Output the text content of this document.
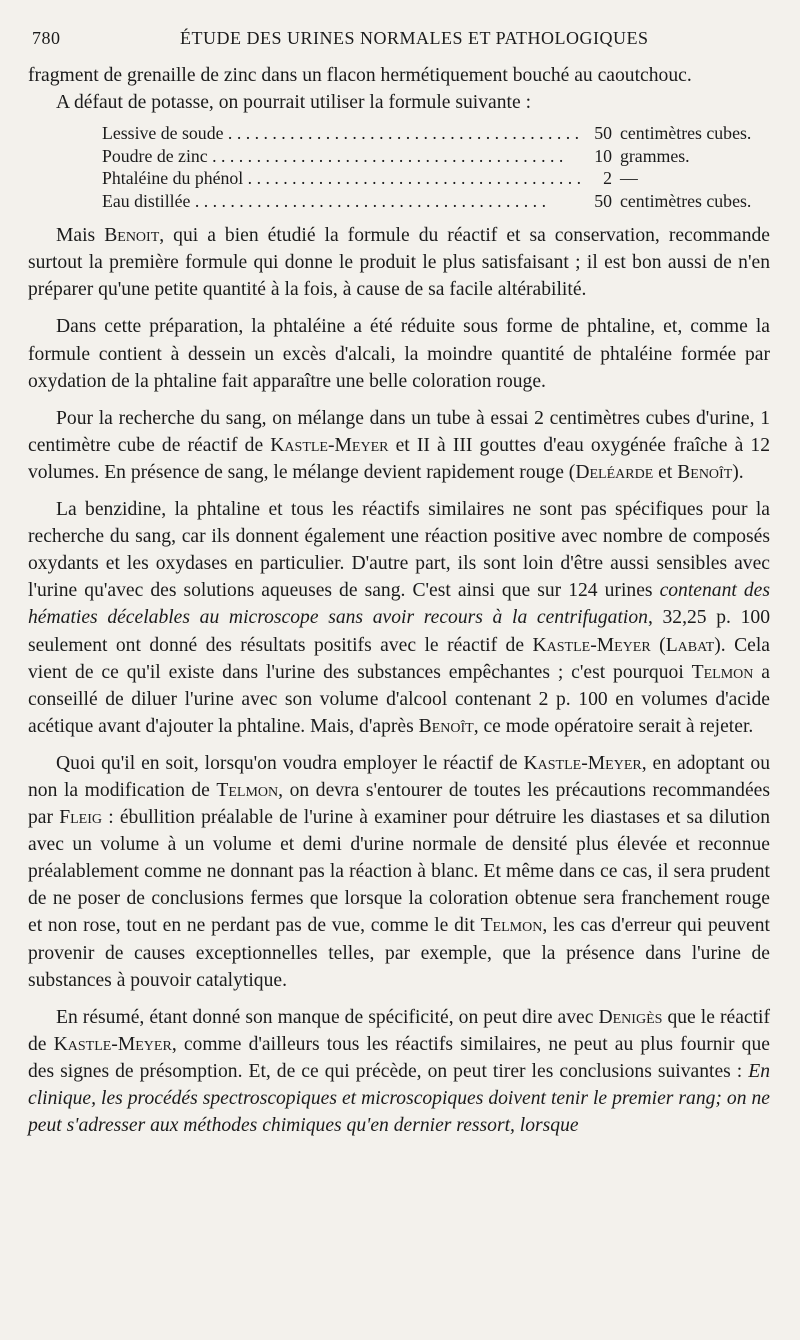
780	ÉTUDE DES URINES NORMALES ET PATHOLOGIQUES

fragment de grenaille de zinc dans un flacon hermétiquement bouché au caoutchouc.

A défaut de potasse, on pourrait utiliser la formule suivante :

Lessive de soude . . .	50 centimètres cubes.
Poudre de zinc . . .	10 grammes.
Phtaléine du phénol . . .	2 —
Eau distillée . . .	50 centimètres cubes.

Mais Benoit, qui a bien étudié la formule du réactif et sa conservation, recommande surtout la première formule qui donne le produit le plus satisfaisant ; il est bon aussi de n'en préparer qu'une petite quantité à la fois, à cause de sa facile altérabilité.

Dans cette préparation, la phtaléine a été réduite sous forme de phtaline, et, comme la formule contient à dessein un excès d'alcali, la moindre quantité de phtaléine formée par oxydation de la phtaline fait apparaître une belle coloration rouge.

Pour la recherche du sang, on mélange dans un tube à essai 2 centimètres cubes d'urine, 1 centimètre cube de réactif de Kastle-Meyer et II à III gouttes d'eau oxygénée fraîche à 12 volumes. En présence de sang, le mélange devient rapidement rouge (Deléarde et Benoît).

La benzidine, la phtaline et tous les réactifs similaires ne sont pas spécifiques pour la recherche du sang, car ils donnent également une réaction positive avec nombre de composés oxydants et les oxydases en particulier. D'autre part, ils sont loin d'être aussi sensibles avec l'urine qu'avec des solutions aqueuses de sang. C'est ainsi que sur 124 urines contenant des hématies décelables au microscope sans avoir recours à la centrifugation, 32,25 p. 100 seulement ont donné des résultats positifs avec le réactif de Kastle-Meyer (Labat). Cela vient de ce qu'il existe dans l'urine des substances empêchantes ; c'est pourquoi Telmon a conseillé de diluer l'urine avec son volume d'alcool contenant 2 p. 100 en volumes d'acide acétique avant d'ajouter la phtaline. Mais, d'après Benoît, ce mode opératoire serait à rejeter.

Quoi qu'il en soit, lorsqu'on voudra employer le réactif de Kastle-Meyer, en adoptant ou non la modification de Telmon, on devra s'entourer de toutes les précautions recommandées par Fleig : ébullition préalable de l'urine à examiner pour détruire les diastases et sa dilution avec un volume à un volume et demi d'urine normale de densité plus élevée et reconnue préalablement comme ne donnant pas la réaction à blanc. Et même dans ce cas, il sera prudent de ne poser de conclusions fermes que lorsque la coloration obtenue sera franchement rouge et non rose, tout en ne perdant pas de vue, comme le dit Telmon, les cas d'erreur qui peuvent provenir de causes exceptionnelles telles, par exemple, que la présence dans l'urine de substances à pouvoir catalytique.

En résumé, étant donné son manque de spécificité, on peut dire avec Denigès que le réactif de Kastle-Meyer, comme d'ailleurs tous les réactifs similaires, ne peut au plus fournir que des signes de présomption. Et, de ce qui précède, on peut tirer les conclusions suivantes : En clinique, les procédés spectroscopiques et microscopiques doivent tenir le premier rang; on ne peut s'adresser aux méthodes chimiques qu'en dernier ressort, lorsque
